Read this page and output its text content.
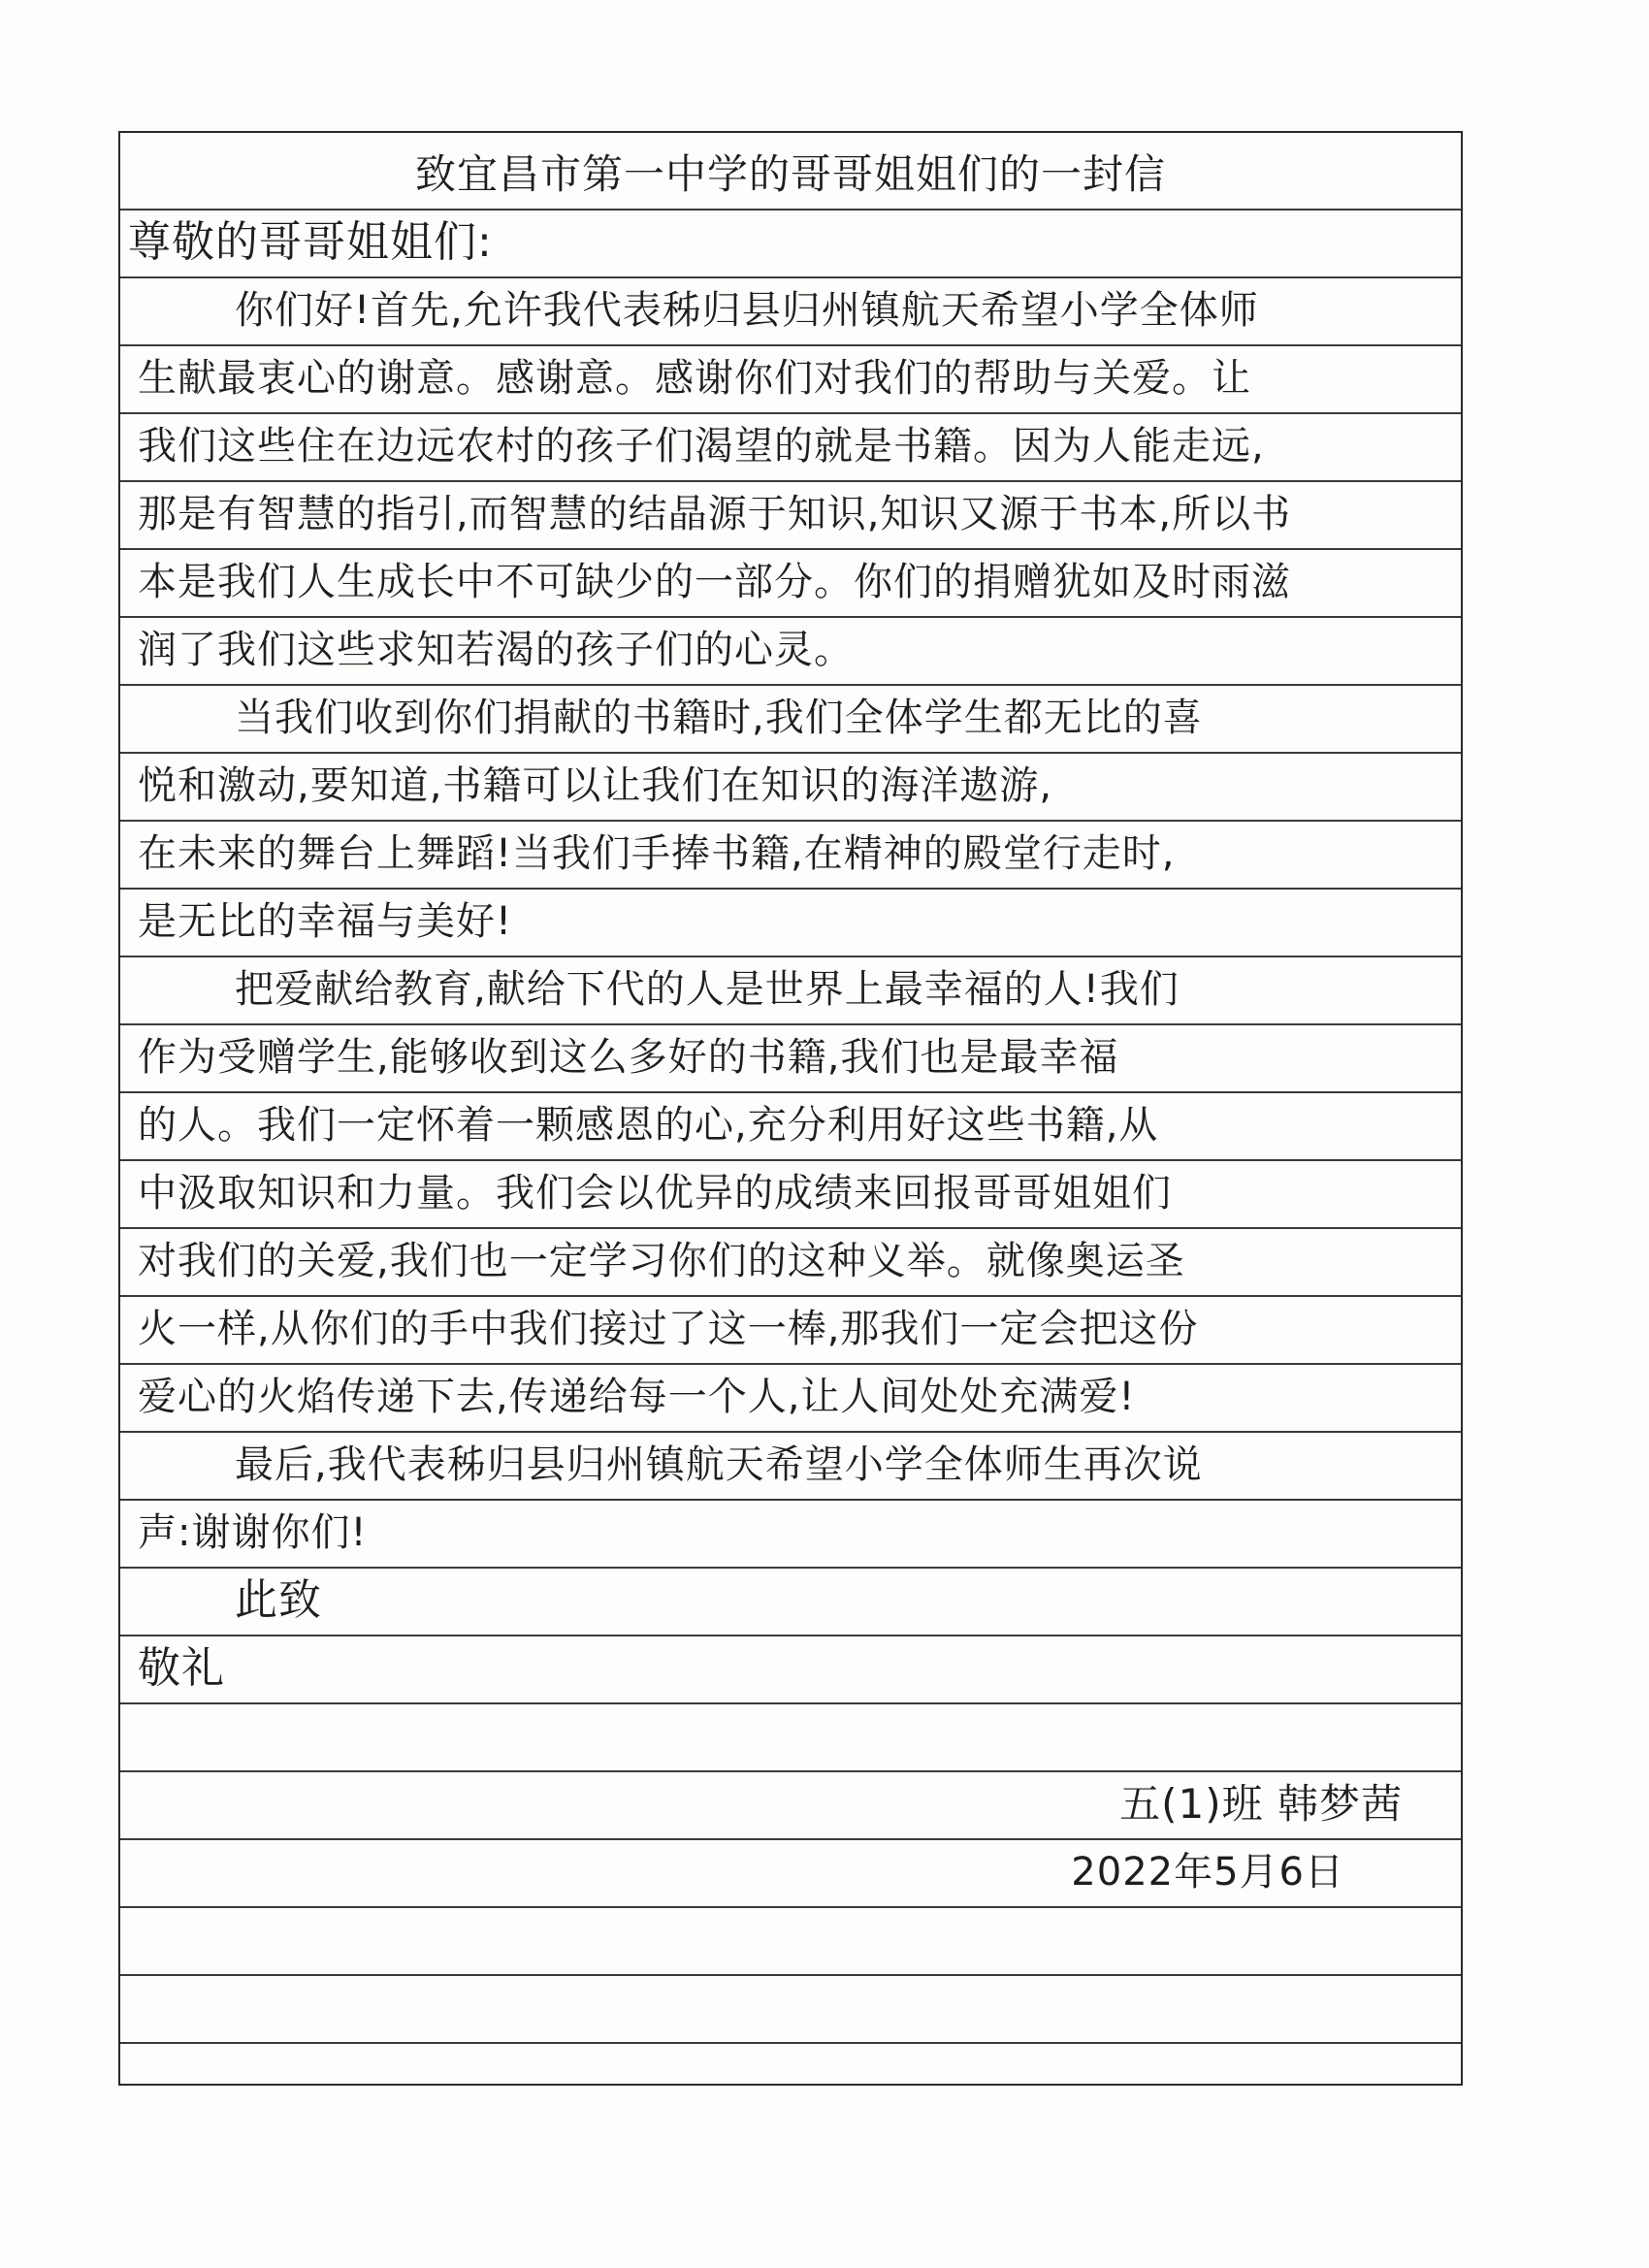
致宜昌市第一中学的哥哥姐姐们的一封信
尊敬的哥哥姐姐们:
你们好!首先,允许我代表秭归县归州镇航天希望小学全体师
生献最衷心的谢意。感谢意。感谢你们对我们的帮助与关爱。让
我们这些住在边远农村的孩子们渴望的就是书籍。因为人能走远,
那是有智慧的指引,而智慧的结晶源于知识,知识又源于书本,所以书
本是我们人生成长中不可缺少的一部分。你们的捐赠犹如及时雨滋
润了我们这些求知若渴的孩子们的心灵。
当我们收到你们捐献的书籍时,我们全体学生都无比的喜
悦和激动,要知道,书籍可以让我们在知识的海洋遨游,
在未来的舞台上舞蹈!当我们手捧书籍,在精神的殿堂行走时,
是无比的幸福与美好!
把爱献给教育,献给下代的人是世界上最幸福的人!我们
作为受赠学生,能够收到这么多好的书籍,我们也是最幸福
的人。我们一定怀着一颗感恩的心,充分利用好这些书籍,从
中汲取知识和力量。我们会以优异的成绩来回报哥哥姐姐们
对我们的关爱,我们也一定学习你们的这种义举。就像奥运圣
火一样,从你们的手中我们接过了这一棒,那我们一定会把这份
爱心的火焰传递下去,传递给每一个人,让人间处处充满爱!
最后,我代表秭归县归州镇航天希望小学全体师生再次说
声:谢谢你们!
此致
敬礼
五(1)班 韩梦茜
2022年5月6日
